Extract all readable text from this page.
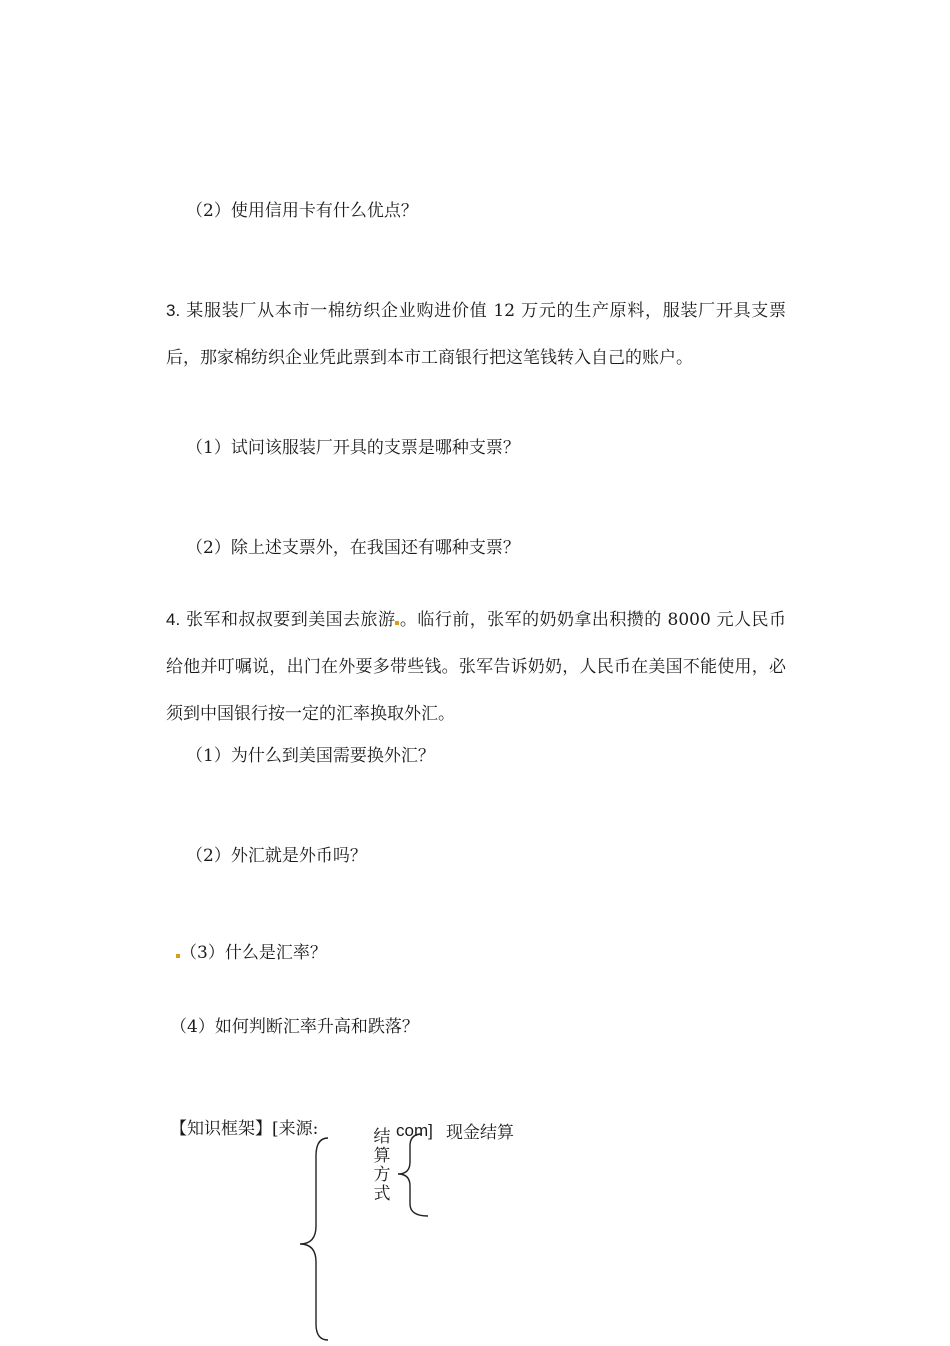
（2）使用信用卡有什么优点？
3. 某服装厂从本市一棉纺织企业购进价值 12 万元的生产原料，服装厂开具支票后，那家棉纺织企业凭此票到本市工商银行把这笔钱转入自己的账户。
（1）试问该服装厂开具的支票是哪种支票？
（2）除上述支票外，在我国还有哪种支票？
4. 张军和叔叔要到美国去旅游 。临行前，张军的奶奶拿出积攒的 8000 元人民币给他并叮嘱说，出门在外要多带些钱。张军告诉奶奶，人民币在美国不能使用，必须到中国银行按一定的汇率换取外汇。
（1）为什么到美国需要换外汇？
（2）外汇就是外币吗？
（3）什么是汇率？
（4）如何判断汇率升高和跌落？
【知识框架】[来源:	com]
结
算
方
式
现金结算
